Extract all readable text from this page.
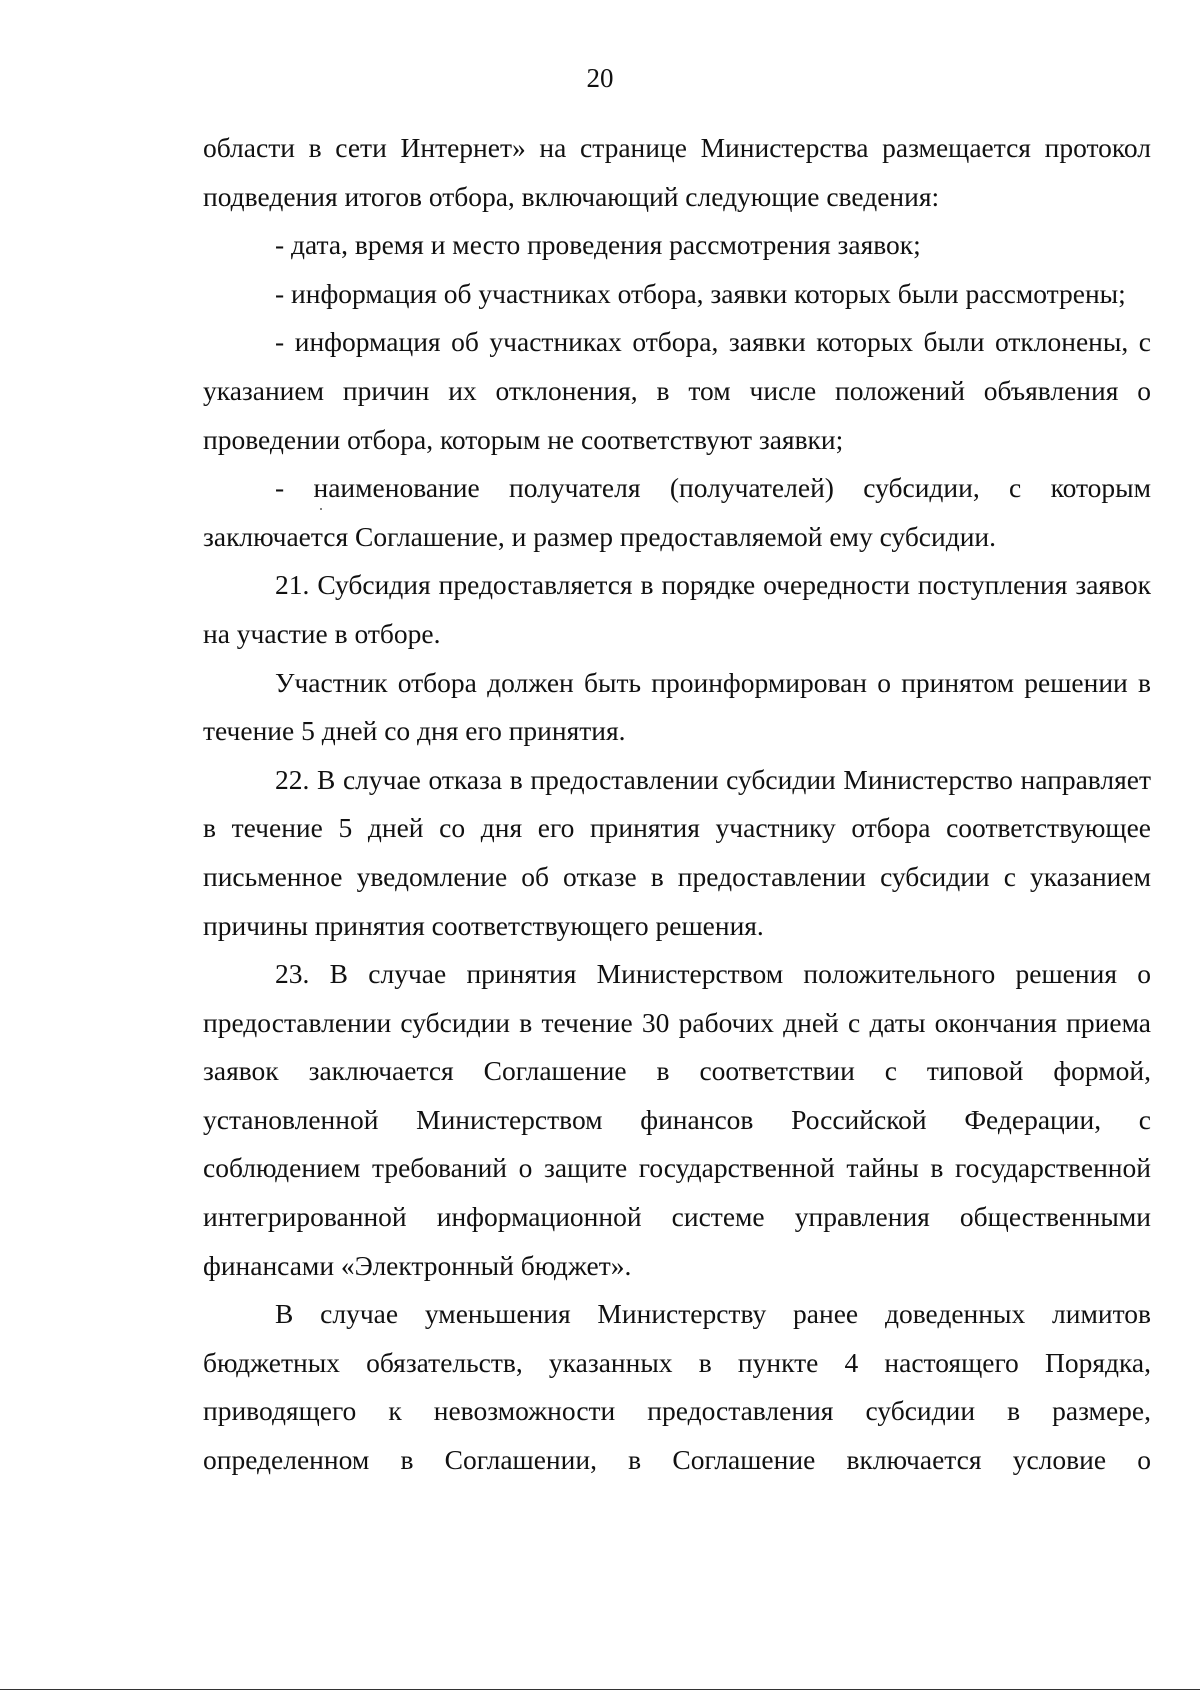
20

области в сети Интернет» на странице Министерства размещается протокол подведения итогов отбора, включающий следующие сведения:

- дата, время и место проведения рассмотрения заявок;

- информация об участниках отбора, заявки которых были рассмотрены;

- информация об участниках отбора, заявки которых были отклонены, с указанием причин их отклонения, в том числе положений объявления о проведении отбора, которым не соответствуют заявки;

- наименование получателя (получателей) субсидии, с которым заключается Соглашение, и размер предоставляемой ему субсидии.

21. Субсидия предоставляется в порядке очередности поступления заявок на участие в отборе.

Участник отбора должен быть проинформирован о принятом решении в течение 5 дней со дня его принятия.

22. В случае отказа в предоставлении субсидии Министерство направляет в течение 5 дней со дня его принятия участнику отбора соответствующее письменное уведомление об отказе в предоставлении субсидии с указанием причины принятия соответствующего решения.

23. В случае принятия Министерством положительного решения о предоставлении субсидии в течение 30 рабочих дней с даты окончания приема заявок заключается Соглашение в соответствии с типовой формой, установленной Министерством финансов Российской Федерации, с соблюдением требований о защите государственной тайны в государственной интегрированной информационной системе управления общественными финансами «Электронный бюджет».

В случае уменьшения Министерству ранее доведенных лимитов бюджетных обязательств, указанных в пункте 4 настоящего Порядка, приводящего к невозможности предоставления субсидии в размере, определенном в Соглашении, в Соглашение включается условие о
